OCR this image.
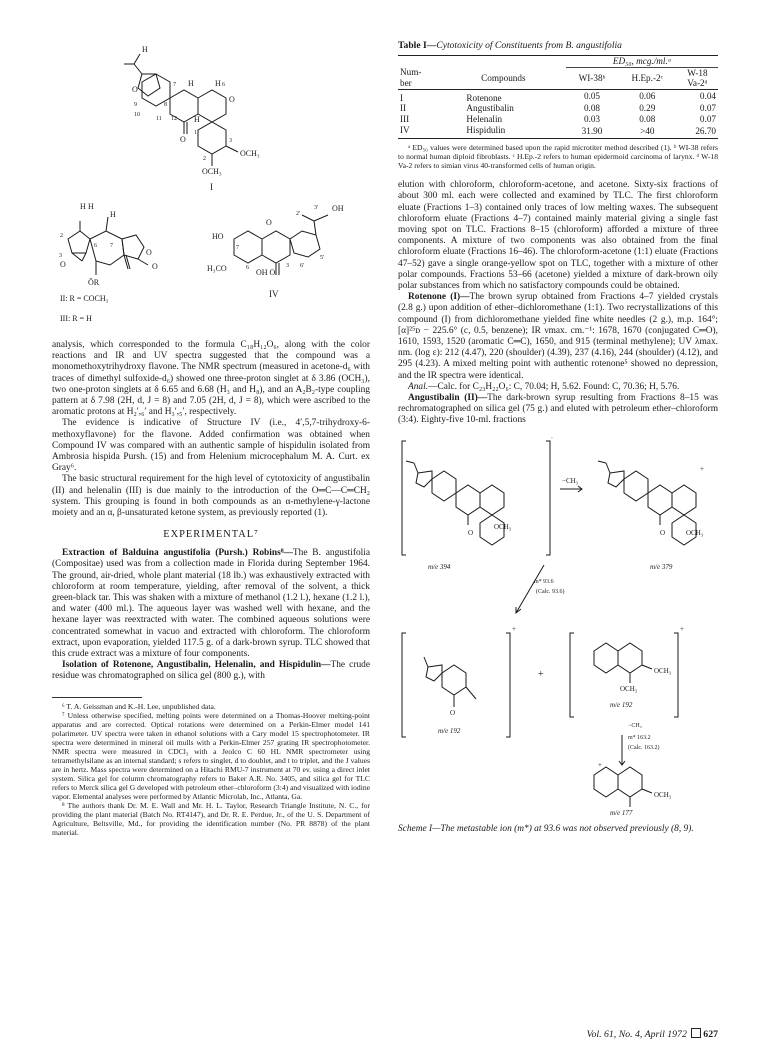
H
O	7 H	H 6
O
8
9
10
11 12
O
H
1
2
3
OCH₃
OCH₃
I

H H
H
2
3
7
6
O
O
ŌR
O
II: R = COCH₃
III: R = H
3′
2′
OH
5′
6′
HO
H₃CO	OH O
O
3
7
6
IV

analysis, which corresponded to the formula C₁₈H₁₂O₆, along with the color reactions and IR and UV spectra suggested that the compound was a monomethoxytrihydroxy flavone. The NMR spectrum (measured in acetone-d₆ with traces of dimethyl sulfoxide-d₆) showed one three-proton singlet at δ 3.86 (OCH₃), two one-proton singlets at δ 6.65 and 6.68 (H₃ and H₈), and an A₂B₂-type coupling pattern at δ 7.98 (2H, d, J = 8) and 7.05 (2H, d, J = 8), which were ascribed to the aromatic protons at H₂′,₆′ and H₃′,₅′, respectively.

The evidence is indicative of Structure IV (i.e., 4′,5,7-trihydroxy-6-methoxyflavone) for the flavone. Added confirmation was obtained when Compound IV was compared with an authentic sample of hispidulin isolated from Ambrosia hispida Pursh. (15) and from Helenium microcephalum M. A. Curt. ex Gray⁶.

The basic structural requirement for the high level of cytotoxicity of angustibalin (II) and helenalin (III) is due mainly to the introduction of the O═C—C═CH₂ system. This grouping is found in both compounds as an α-methylene-γ-lactone moiety and an α, β-unsaturated ketone system, as previously reported (1).

EXPERIMENTAL⁷

Extraction of Balduina angustifolia (Pursh.) Robins⁸—The B. angustifolia (Compositae) used was from a collection made in Florida during September 1964. The ground, air-dried, whole plant material (18 lb.) was exhaustively extracted with chloroform at room temperature, yielding, after removal of the solvent, a thick green-black tar. This was shaken with a mixture of methanol (1.2 l.), hexane (1.2 l.), and water (400 ml.). The aqueous layer was washed well with hexane, and the hexane layer was reextracted with water. The combined aqueous solutions were concentrated somewhat in vacuo and extracted with chloroform. The chloroform extract, upon evaporation, yielded 117.5 g. of a dark-brown syrup. TLC showed that this crude extract was a mixture of four components.

Isolation of Rotenone, Angustibalin, Helenalin, and Hispidulin—The crude residue was chromatographed on silica gel (800 g.), with

⁶ T. A. Geissman and K.-H. Lee, unpublished data.

⁷ Unless otherwise specified, melting points were determined on a Thomas-Hoover melting-point apparatus and are corrected. Optical rotations were determined on a Perkin-Elmer model 141 polarimeter. UV spectra were taken in ethanol solutions with a Cary model 15 spectrophotometer. IR spectra were determined in mineral oil mulls with a Perkin-Elmer 257 grating IR spectrophotometer. NMR spectra were measured in CDCl₃ with a Jeolco C 60 HL NMR spectrometer using tetramethylsilane as an internal standard; s refers to singlet, d to doublet, and t to triplet, and the J values are in hertz. Mass spectra were determined on a Hitachi RMU-7 instrument at 70 ev. using a direct inlet system. Silica gel for column chromatography refers to Baker A.R. No. 3405, and silica gel for TLC refers to Merck silica gel G developed with petroleum ether–chloroform (3:4) and visualized with iodine vapor. Elemental analyses were performed by Atlantic Microlab, Inc., Atlanta, Ga.

⁸ The authors thank Dr. M. E. Wall and Mr. H. L. Taylor, Research Triangle Institute, N. C., for providing the plant material (Batch No. RT4147), and Dr. R. E. Perdue, Jr., of the U. S. Department of Agriculture, Beltsville, Md., for providing the identification number (No. PR 8878) of the plant material.

Table I—Cytotoxicity of Constituents from B. angustifolia
		ED₅₀, mcg./ml.ᵃ		
Num-
ber	Compounds	WI-38ᵇ	H.Ep.-2ᶜ	W-18
Va-2ᵈ
I	Rotenone	0.05	0.06	0.04
II	Angustibalin	0.08	0.29	0.07
III	Helenalin	0.03	0.08	0.07
IV	Hispidulin	31.90	>40	26.70

ᵃ ED₅₀ values were determined based upon the rapid microtiter method described (1). ᵇ WI-38 refers to normal human diploid fibroblasts. ᶜ H.Ep.-2 refers to human epidermoid carcinoma of larynx. ᵈ W-18 Va-2 refers to simian virus 40-transformed cells of human origin.

elution with chloroform, chloroform-acetone, and acetone. Sixty-six fractions of about 300 ml. each were collected and examined by TLC. The first chloroform eluate (Fractions 1–3) contained only traces of low melting waxes. The subsequent chloroform eluate (Fractions 4–7) contained mainly material giving a single fast moving spot on TLC. Fractions 8–15 (chloroform) afforded a mixture of three components. A mixture of two components was also obtained from the final chloroform eluate (Fractions 16–46). The chloroform-acetone (1:1) eluate (Fractions 47–52) gave a single orange-yellow spot on TLC, together with a mixture of other polar compounds. Fractions 53–66 (acetone) yielded a mixture of dark-brown oily polar substances from which no satisfactory compounds could be obtained.

Rotenone (I)—The brown syrup obtained from Fractions 4–7 yielded crystals (2.8 g.) upon addition of ether–dichloromethane (1:1). Two recrystallizations of this compound (I) from dichloromethane yielded fine white needles (2 g.), m.p. 164°; [α]²⁵ᴅ − 225.6° (c, 0.5, benzene); IR νmax. cm.⁻¹: 1678, 1670 (conjugated C═O), 1610, 1593, 1520 (aromatic C═C), 1650, and 915 (terminal methylene); UV λmax. nm. (log ε): 212 (4.47), 220 (shoulder) (4.39), 237 (4.16), 244 (shoulder) (4.12), and 295 (4.23). A mixed melting point with authentic rotenone⁵ showed no depression, and the IR spectra were identical.

Anal.—Calc. for C₂₃H₂₂O₆: C, 70.04; H, 5.62. Found: C, 70.36; H, 5.76.

Angustibalin (II)—The dark-brown syrup resulting from Fractions 8–15 was rechromatographed on silica gel (75 g.) and eluted with petroleum ether–chloroform (3:4). Eighty-five 10-ml. fractions

+
+
−CH₃
OCH₃
O	OCH₃
O
m/e 394	m/e 379
m* 93.6
(Calc. 93.6)
+	+
+
O
OCH₃
OCH₃
m/e 192
m/e 192
−CH₃
m* 163.2
(Calc. 163.2)
+
OCH₃
m/e 177

Scheme I—The metastable ion (m*) at 93.6 was not observed previously (8, 9).

Vol. 61, No. 4, April 1972 627
